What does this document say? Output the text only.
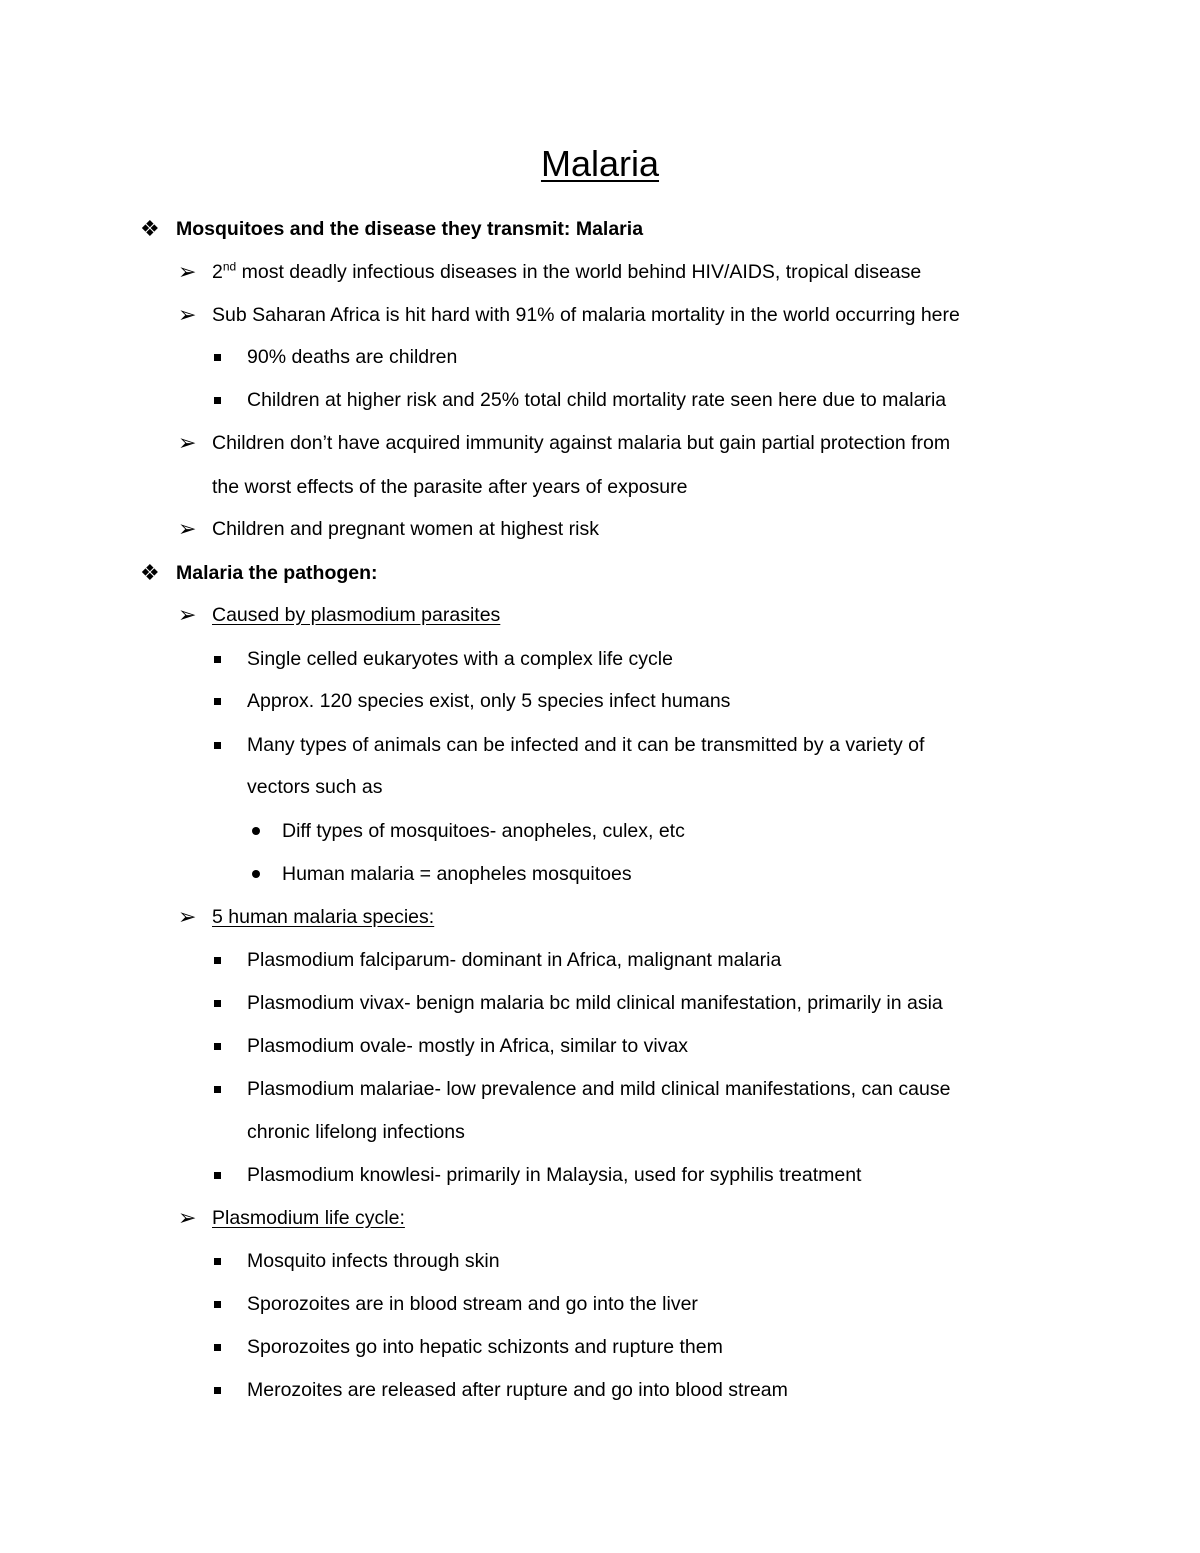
Malaria
❖ Mosquitoes and the disease they transmit: Malaria
➢ 2nd most deadly infectious diseases in the world behind HIV/AIDS, tropical disease
➢ Sub Saharan Africa is hit hard with 91% of malaria mortality in the world occurring here
90% deaths are children
Children at higher risk and 25% total child mortality rate seen here due to malaria
➢ Children don’t have acquired immunity against malaria but gain partial protection from
the worst effects of the parasite after years of exposure
➢ Children and pregnant women at highest risk
❖ Malaria the pathogen:
➢ Caused by plasmodium parasites
Single celled eukaryotes with a complex life cycle
Approx. 120 species exist, only 5 species infect humans
Many types of animals can be infected and it can be transmitted by a variety of
vectors such as
Diff types of mosquitoes- anopheles, culex, etc
Human malaria = anopheles mosquitoes
➢ 5 human malaria species:
Plasmodium falciparum- dominant in Africa, malignant malaria
Plasmodium vivax- benign malaria bc mild clinical manifestation, primarily in asia
Plasmodium ovale- mostly in Africa, similar to vivax
Plasmodium malariae- low prevalence and mild clinical manifestations, can cause
chronic lifelong infections
Plasmodium knowlesi- primarily in Malaysia, used for syphilis treatment
➢ Plasmodium life cycle:
Mosquito infects through skin
Sporozoites are in blood stream and go into the liver
Sporozoites go into hepatic schizonts and rupture them
Merozoites are released after rupture and go into blood stream
